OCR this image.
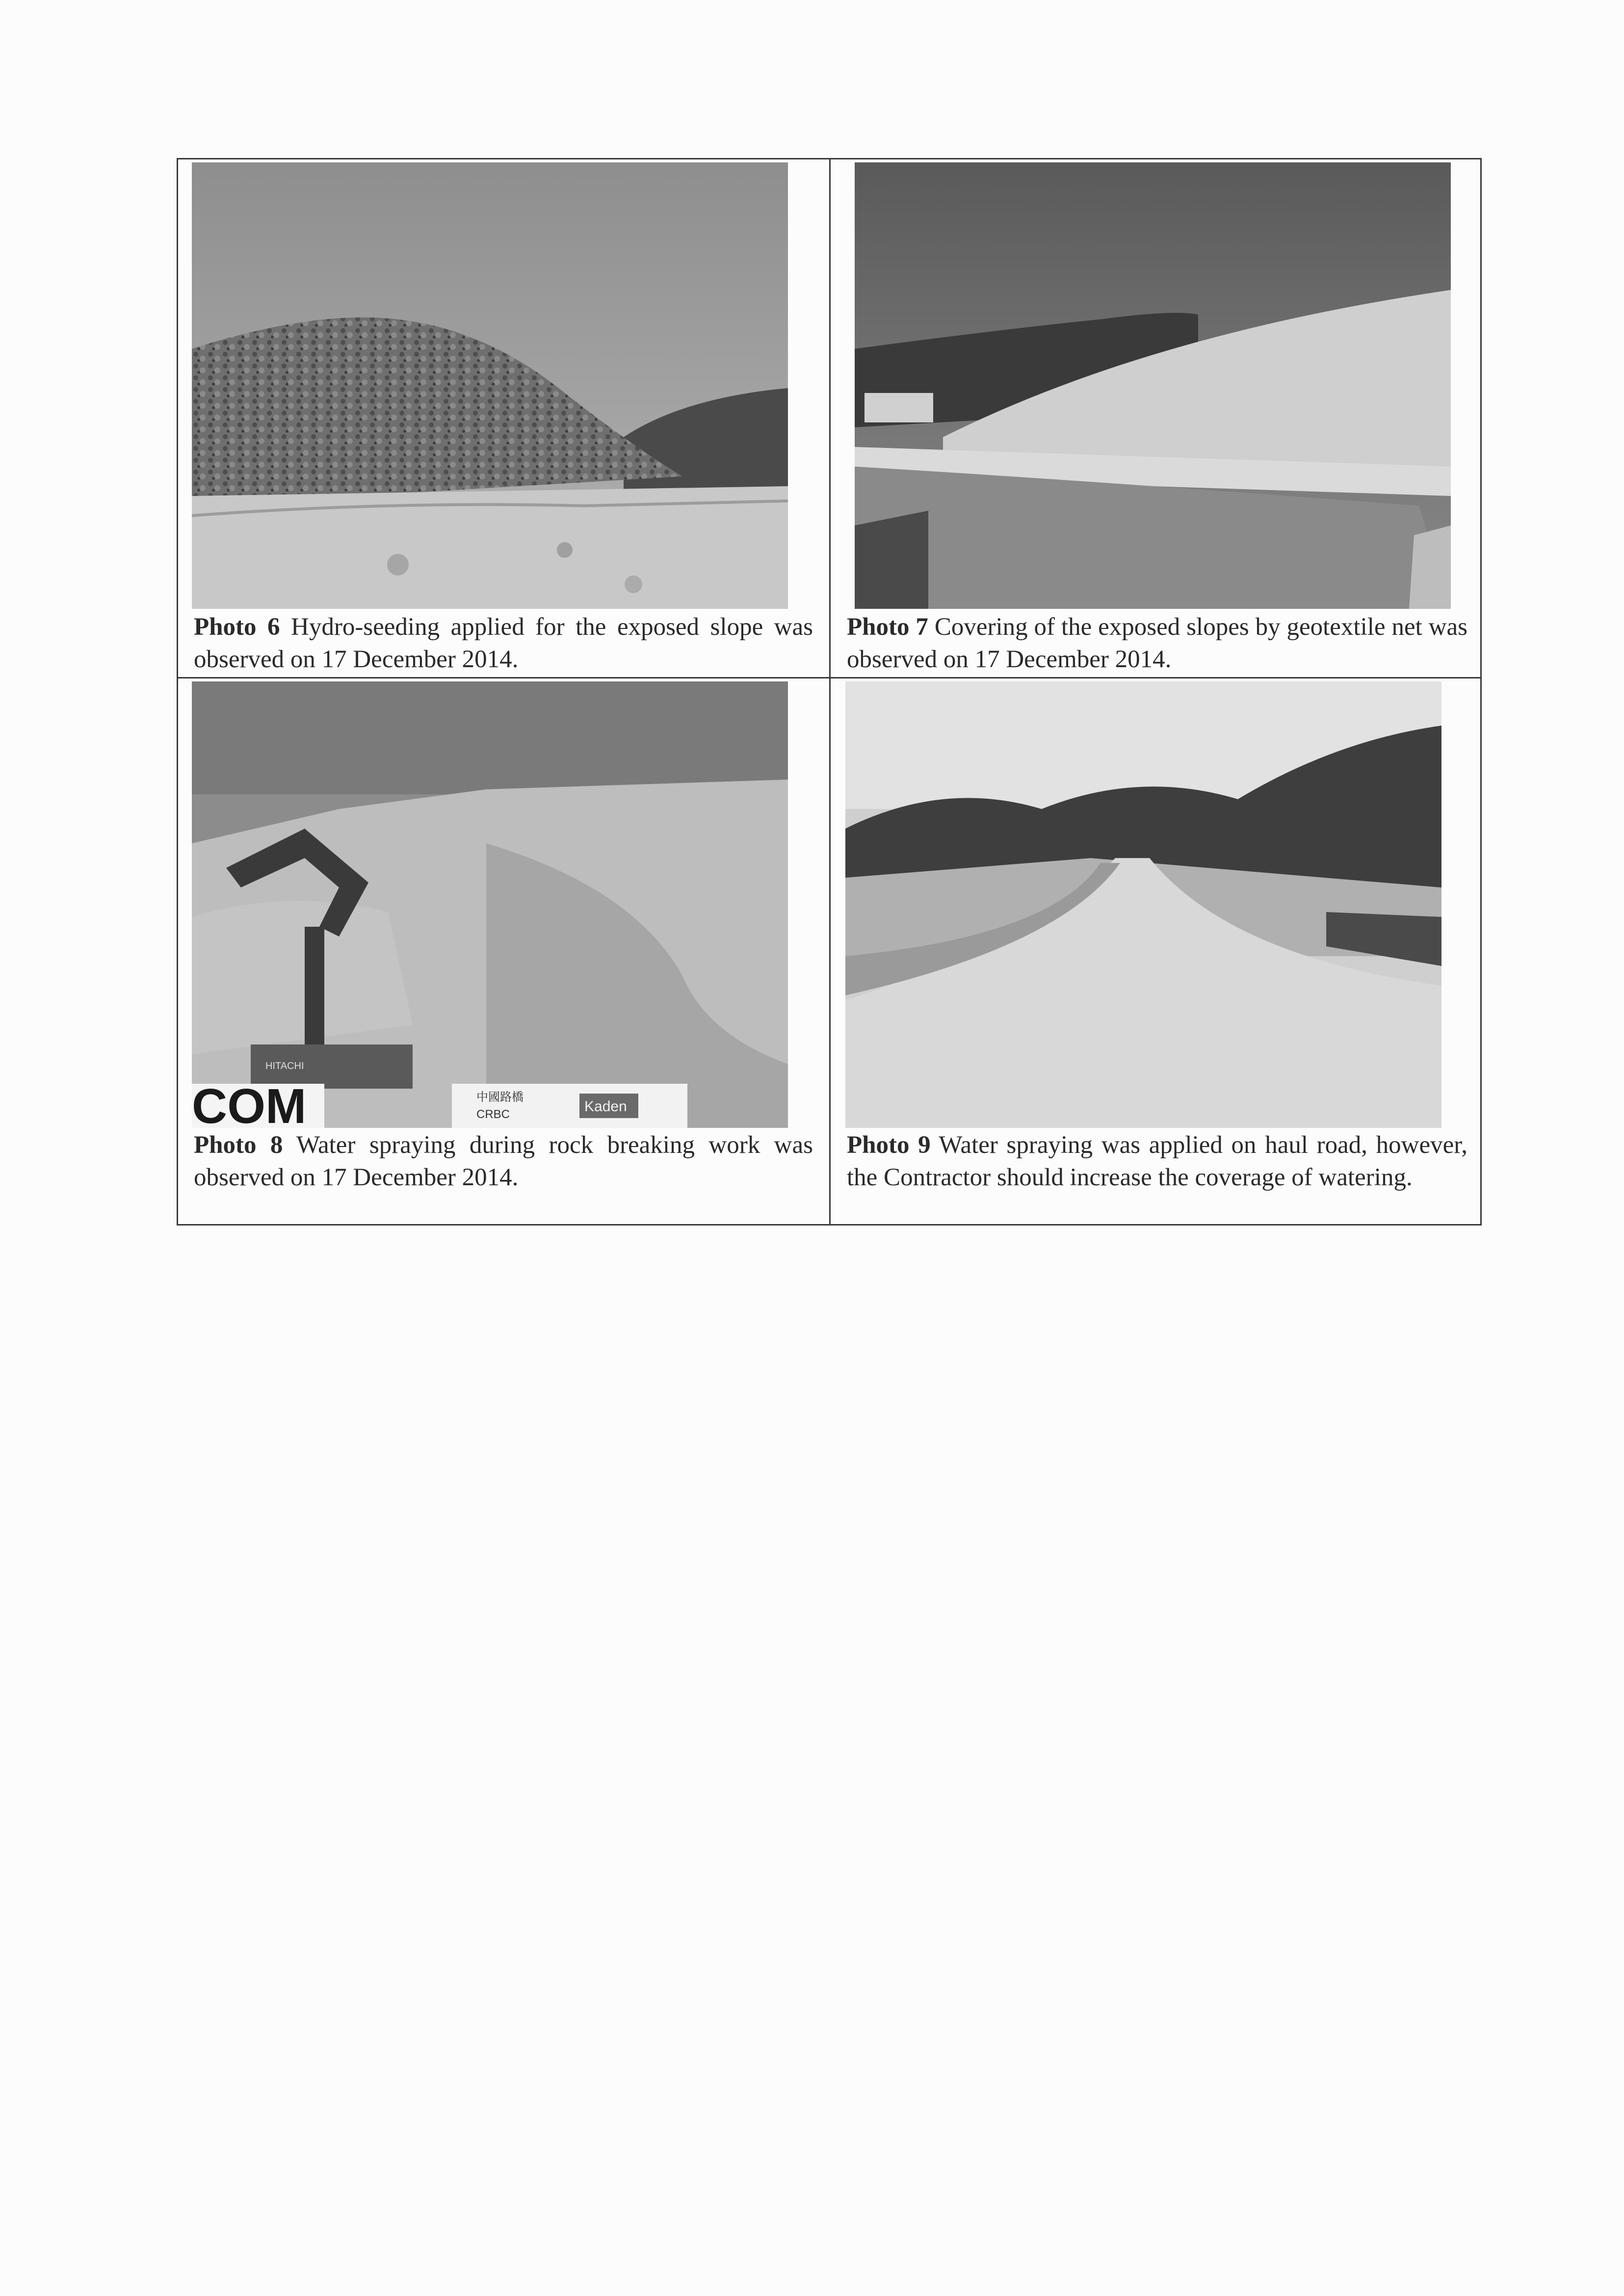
Photo 6 Hydro-seeding applied for the exposed slope was observed on 17 December 2014.
Photo 7 Covering of the exposed slopes by geotextile net was observed on 17 December 2014.
COM
HITACHI
中國路橋
CRBC	Kaden
Photo 8 Water spraying during rock breaking work was observed on 17 December 2014.
Photo 9 Water spraying was applied on haul road, however, the Contractor should increase the coverage of watering.
